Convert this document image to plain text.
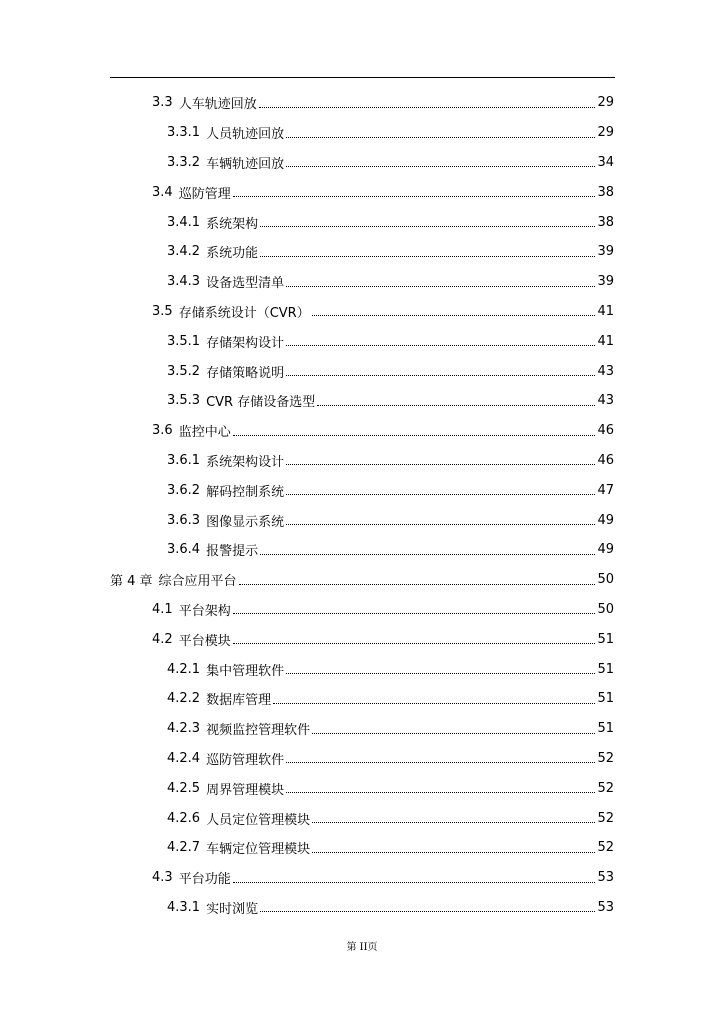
3.3 人车轨迹回放	29
3.3.1 人员轨迹回放	29
3.3.2 车辆轨迹回放	34
3.4 巡防管理	38
3.4.1 系统架构	38
3.4.2 系统功能	39
3.4.3 设备选型清单	39
3.5 存储系统设计（CVR）	41
3.5.1 存储架构设计	41
3.5.2 存储策略说明	43
3.5.3 CVR 存储设备选型	43
3.6 监控中心	46
3.6.1 系统架构设计	46
3.6.2 解码控制系统	47
3.6.3 图像显示系统	49
3.6.4 报警提示	49
第 4 章 综合应用平台	50
4.1 平台架构	50
4.2 平台模块	51
4.2.1 集中管理软件	51
4.2.2 数据库管理	51
4.2.3 视频监控管理软件	51
4.2.4 巡防管理软件	52
4.2.5 周界管理模块	52
4.2.6 人员定位管理模块	52
4.2.7 车辆定位管理模块	52
4.3 平台功能	53
4.3.1 实时浏览	53
第 II页
